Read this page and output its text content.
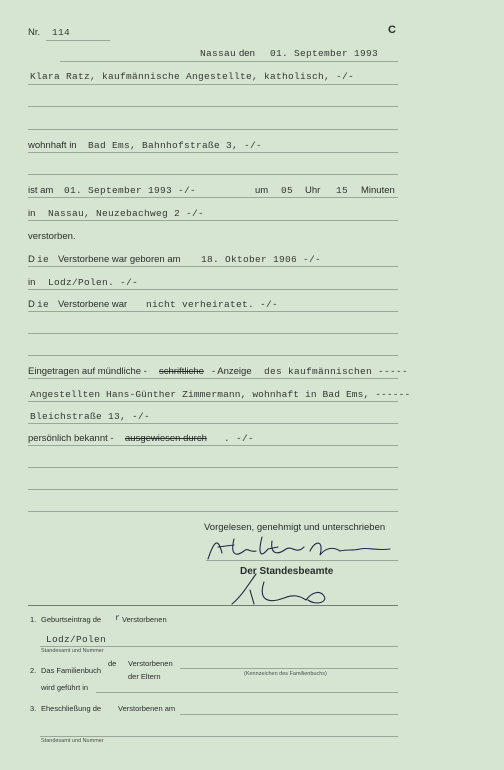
Nr. 114	C
Nassau den 01. September 1993
Klara Ratz, kaufmännische Angestellte, katholisch, -/-
wohnhaft in Bad Ems, Bahnhofstraße 3, -/-
ist am 01. September 1993 -/-	um 05 Uhr 15 Minuten
in Nassau, Neuzebachweg 2 -/-
verstorben.
D ie Verstorbene war geboren am 18. Oktober 1906 -/-
in Lodz/Polen. -/-
D ie Verstorbene war nicht verheiratet. -/-
Eingetragen auf mündliche - schriftliche - Anzeige des kaufmännischen -----
Angestellten Hans-Günther Zimmermann, wohnhaft in Bad Ems, ------
Bleichstraße 13, -/-
persönlich bekannt - ausgewiesen durch . -/-
Vorgelesen, genehmigt und unterschrieben
Der Standesbeamte
1. Geburtseintrag de r Verstorbenen
Lodz/Polen
Standesamt und Nummer
2. Das Familienbuch
de Verstorbenen
der Eltern	(Kennzeichen des Familienbuchs)
wird geführt in
3. Eheschließung de Verstorbenen am
Standesamt und Nummer
